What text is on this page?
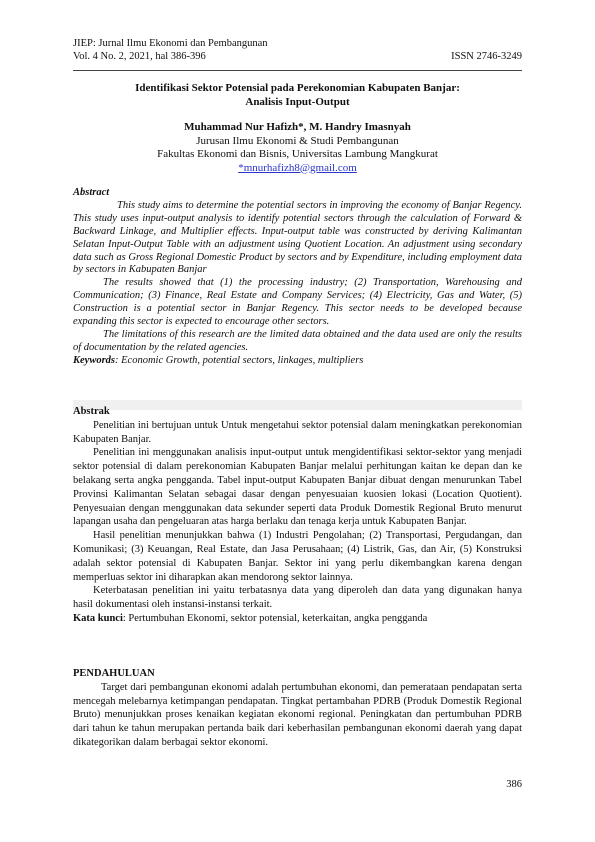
JIEP: Jurnal Ilmu Ekonomi dan Pembangunan
Vol. 4 No. 2, 2021, hal 386-396	ISSN 2746-3249
Identifikasi Sektor Potensial pada Perekonomian Kabupaten Banjar:
Analisis Input-Output
Muhammad Nur Hafizh*, M. Handry Imasnyah
Jurusan Ilmu Ekonomi & Studi Pembangunan
Fakultas Ekonomi dan Bisnis, Universitas Lambung Mangkurat
*mnurhafizh8@gmail.com
Abstract

This study aims to determine the potential sectors in improving the economy of Banjar Regency. This study uses input-output analysis to identify potential sectors through the calculation of Forward & Backward Linkage, and Multiplier effects. Input-output table was constructed by deriving Kalimantan Selatan Input-Output Table with an adjustment using Quotient Location. An adjustment using secondary data such as Gross Regional Domestic Product by sectors and by Expenditure, including employment data by sectors in Kabupaten Banjar

The results showed that (1) the processing industry; (2) Transportation, Warehousing and Communication; (3) Finance, Real Estate and Company Services; (4) Electricity, Gas and Water, (5) Construction is a potential sector in Banjar Regency. This sector needs to be developed because expanding this sector is expected to encourage other sectors.

The limitations of this research are the limited data obtained and the data used are only the results of documentation by the related agencies.

Keywords: Economic Growth, potential sectors, linkages, multipliers

Abstrak

Penelitian ini bertujuan untuk Untuk mengetahui sektor potensial dalam meningkatkan perekonomian Kabupaten Banjar.

Penelitian ini menggunakan analisis input-output untuk mengidentifikasi sektor-sektor yang menjadi sektor potensial di dalam perekonomian Kabupaten Banjar melalui perhitungan kaitan ke depan dan ke belakang serta angka pengganda. Tabel input-output Kabupaten Banjar dibuat dengan menurunkan Tabel Provinsi Kalimantan Selatan sebagai dasar dengan penyesuaian kuosien lokasi (Location Quotient). Penyesuaian dengan menggunakan data sekunder seperti data Produk Domestik Regional Bruto menurut lapangan usaha dan pengeluaran atas harga berlaku dan tenaga kerja untuk Kabupaten Banjar.

Hasil penelitian menunjukkan bahwa (1) Industri Pengolahan; (2) Transportasi, Pergudangan, dan Komunikasi; (3) Keuangan, Real Estate, dan Jasa Perusahaan; (4) Listrik, Gas, dan Air, (5) Konstruksi adalah sektor potensial di Kabupaten Banjar. Sektor ini yang perlu dikembangkan karena dengan memperluas sektor ini diharapkan akan mendorong sektor lainnya.

Keterbatasan penelitian ini yaitu terbatasnya data yang diperoleh dan data yang digunakan hanya hasil dokumentasi oleh instansi-instansi terkait.

Kata kunci: Pertumbuhan Ekonomi, sektor potensial, keterkaitan, angka pengganda

PENDAHULUAN

Target dari pembangunan ekonomi adalah pertumbuhan ekonomi, dan pemerataan pendapatan serta mencegah melebarnya ketimpangan pendapatan. Tingkat pertambahan PDRB (Produk Domestik Regional Bruto) menunjukkan proses kenaikan kegiatan ekonomi regional. Peningkatan dan pertumbuhan PDRB dari tahun ke tahun merupakan pertanda baik dari keberhasilan pembangunan ekonomi daerah yang dapat dikategorikan dalam berbagai sektor ekonomi.

386
